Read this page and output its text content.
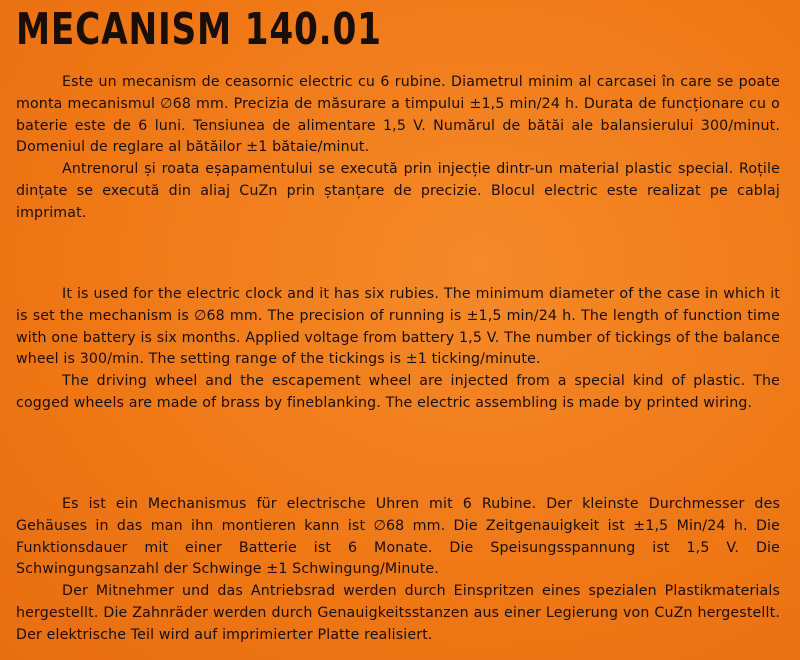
MECANISM 140.01

Este un mecanism de ceasornic electric cu 6 rubine. Diametrul minim al carcasei în care se poate monta mecanismul ∅68 mm. Precizia de măsurare a timpului ±1,5 min/24 h. Durata de funcționare cu o baterie este de 6 luni. Tensiunea de alimentare 1,5 V. Numărul de bătăi ale balansierului 300/minut. Domeniul de reglare al bătăilor ±1 bătaie/minut.

Antrenorul și roata eșapamentului se execută prin injecție dintr-un material plastic special. Roțile dințate se execută din aliaj CuZn prin ștanțare de precizie. Blocul electric este realizat pe cablaj imprimat.

It is used for the electric clock and it has six rubies. The minimum diameter of the case in which it is set the mechanism is ∅68 mm. The precision of running is ±1,5 min/24 h. The length of function time with one battery is six months. Applied voltage from battery 1,5 V. The number of tickings of the balance wheel is 300/min. The setting range of the tickings is ±1 ticking/minute.

The driving wheel and the escapement wheel are injected from a special kind of plastic. The cogged wheels are made of brass by fineblanking. The electric assembling is made by printed wiring.

Es ist ein Mechanismus für electrische Uhren mit 6 Rubine. Der kleinste Durchmesser des Gehäuses in das man ihn montieren kann ist ∅68 mm. Die Zeitgenauigkeit ist ±1,5 Min/24 h. Die Funktionsdauer mit einer Batterie ist 6 Monate. Die Speisungsspannung ist 1,5 V. Die Schwingungsanzahl der Schwinge ±1 Schwingung/Minute.

Der Mitnehmer und das Antriebsrad werden durch Einspritzen eines spezialen Plastikmaterials hergestellt. Die Zahnräder werden durch Genauigkeitsstanzen aus einer Legierung von CuZn hergestellt. Der elektrische Teil wird auf imprimierter Platte realisiert.
